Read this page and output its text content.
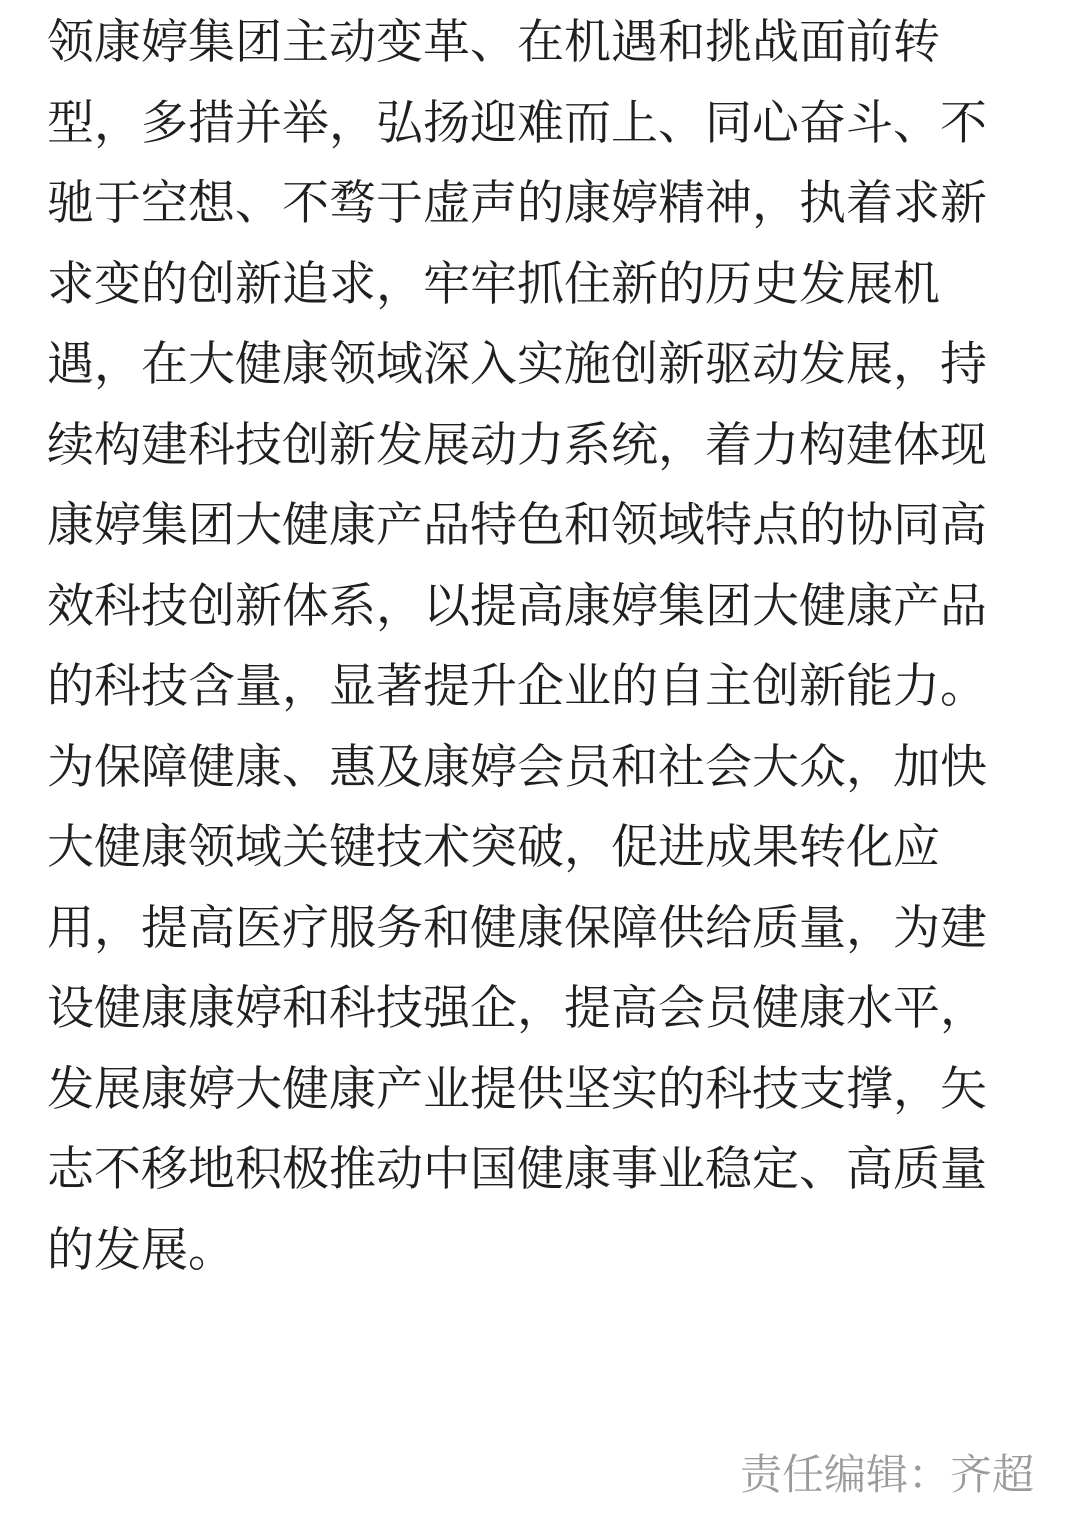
领康婷集团主动变革、在机遇和挑战面前转
型，多措并举，弘扬迎难而上、同心奋斗、不
驰于空想、不骛于虚声的康婷精神，执着求新
求变的创新追求，牢牢抓住新的历史发展机
遇，在大健康领域深入实施创新驱动发展，持
续构建科技创新发展动力系统，着力构建体现
康婷集团大健康产品特色和领域特点的协同高
效科技创新体系，以提高康婷集团大健康产品
的科技含量，显著提升企业的自主创新能力。
为保障健康、惠及康婷会员和社会大众，加快
大健康领域关键技术突破，促进成果转化应
用，提高医疗服务和健康保障供给质量，为建
设健康康婷和科技强企，提高会员健康水平，
发展康婷大健康产业提供坚实的科技支撑，矢
志不移地积极推动中国健康事业稳定、高质量
的发展。
责任编辑：齐超
